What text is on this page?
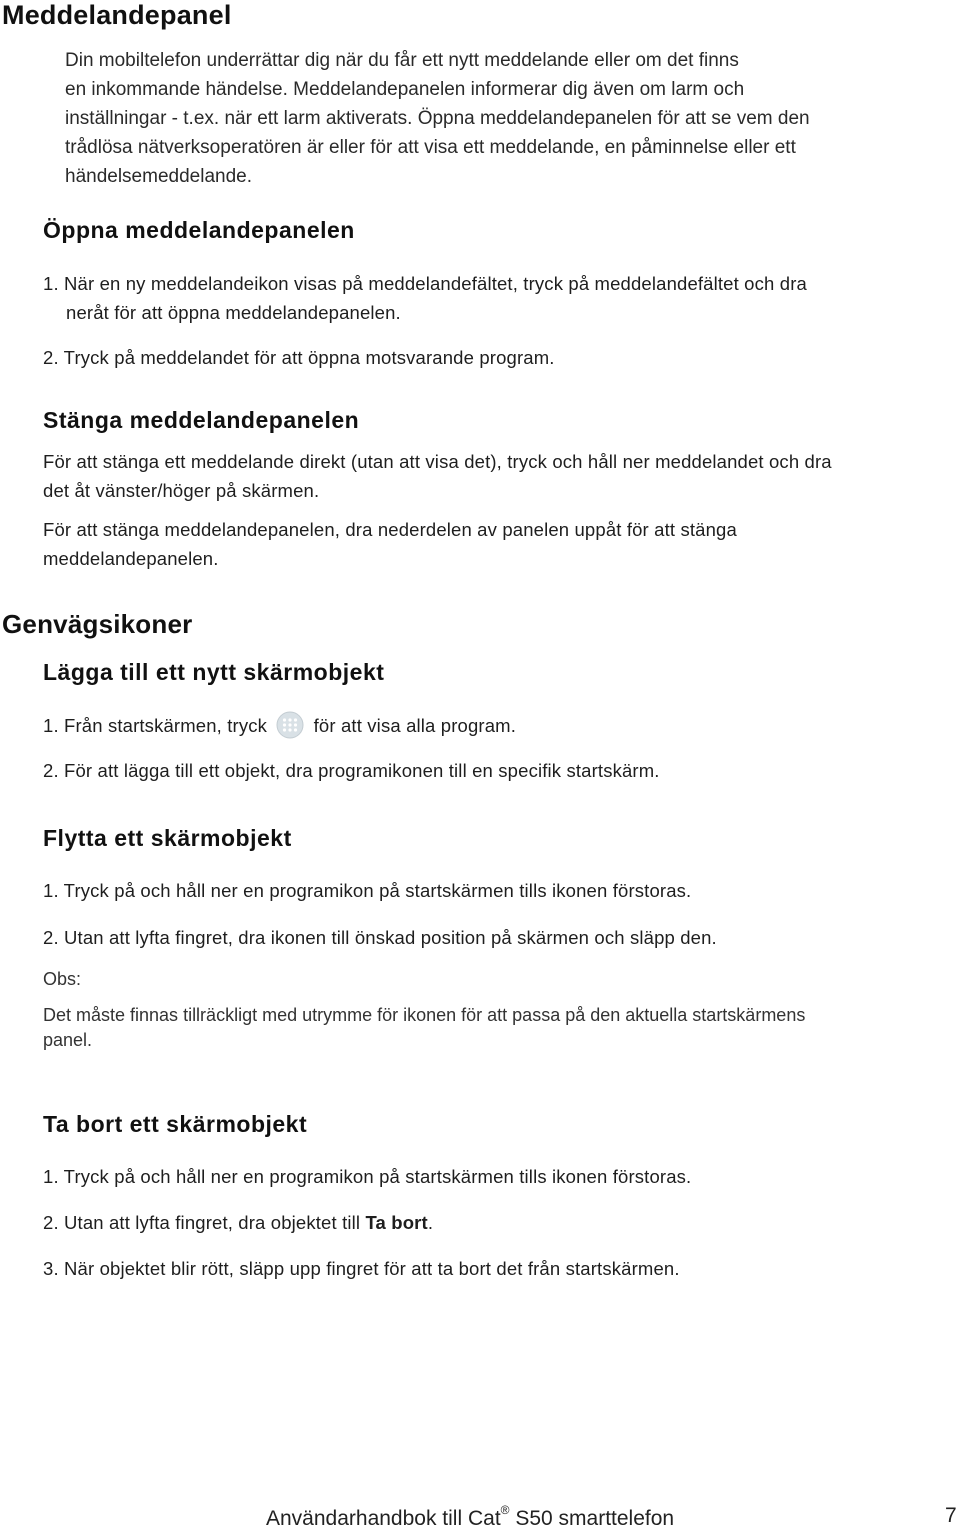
Meddelandepanel
Din mobiltelefon underrättar dig när du får ett nytt meddelande eller om det finns
en inkommande händelse. Meddelandepanelen informerar dig även om larm och
inställningar - t.ex. när ett larm aktiverats. Öppna meddelandepanelen för att se vem den
trådlösa nätverksoperatören är eller för att visa ett meddelande, en påminnelse eller ett
händelsemeddelande.
Öppna meddelandepanelen
1. När en ny meddelandeikon visas på meddelandefältet, tryck på meddelandefältet och dra
neråt för att öppna meddelandepanelen.
2. Tryck på meddelandet för att öppna motsvarande program.
Stänga meddelandepanelen
För att stänga ett meddelande direkt (utan att visa det), tryck och håll ner meddelandet och dra
det åt vänster/höger på skärmen.
För att stänga meddelandepanelen, dra nederdelen av panelen uppåt för att stänga
meddelandepanelen.
Genvägsikoner
Lägga till ett nytt skärmobjekt
1. Från startskärmen, tryck	för att visa alla program.
2. För att lägga till ett objekt, dra programikonen till en specifik startskärm.
Flytta ett skärmobjekt
1. Tryck på och håll ner en programikon på startskärmen tills ikonen förstoras.
2. Utan att lyfta fingret, dra ikonen till önskad position på skärmen och släpp den.
Obs:
Det måste finnas tillräckligt med utrymme för ikonen för att passa på den aktuella startskärmens
panel.
Ta bort ett skärmobjekt
1. Tryck på och håll ner en programikon på startskärmen tills ikonen förstoras.
2. Utan att lyfta fingret, dra objektet till Ta bort.
3. När objektet blir rött, släpp upp fingret för att ta bort det från startskärmen.
Användarhandbok till Cat® S50 smarttelefon	7
